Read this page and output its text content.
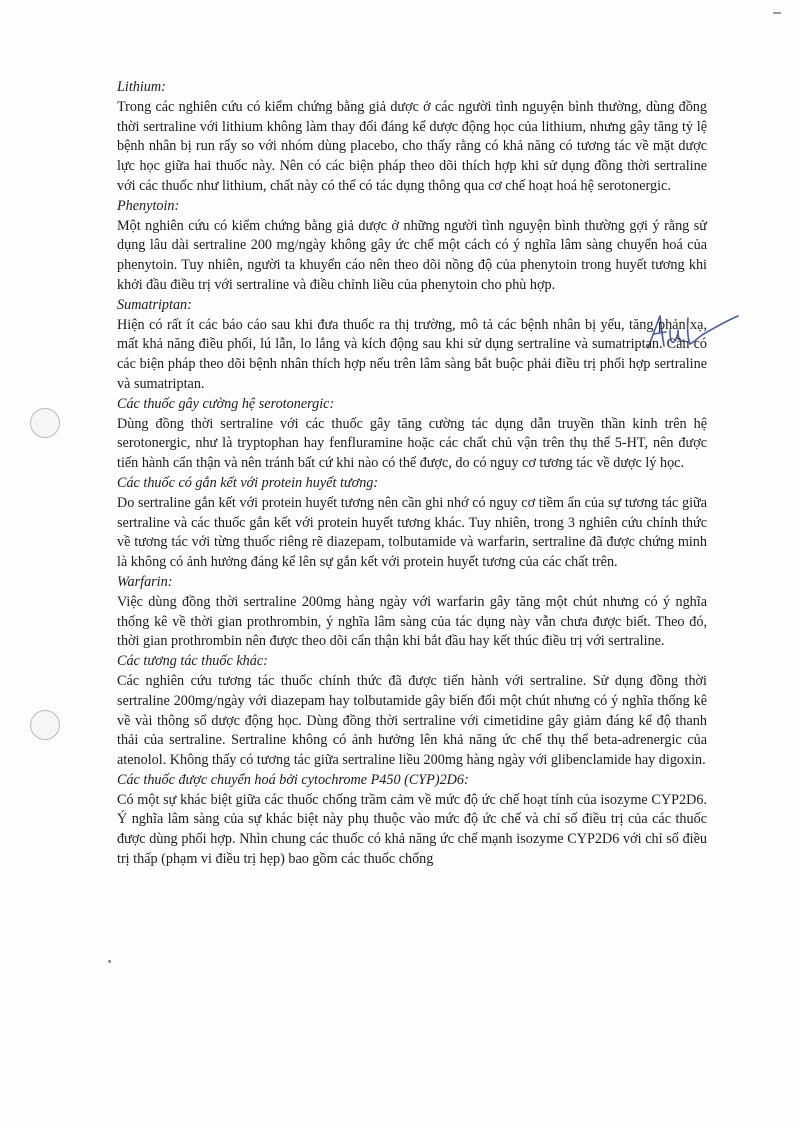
Lithium:

Trong các nghiên cứu có kiểm chứng bằng giả dược ở các người tình nguyện bình thường, dùng đồng thời sertraline với lithium không làm thay đổi đáng kể dược động học của lithium, nhưng gây tăng tỷ lệ bệnh nhân bị run rẩy so với nhóm dùng placebo, cho thấy rằng có khả năng có tương tác về mặt dược lực học giữa hai thuốc này. Nên có các biện pháp theo dõi thích hợp khi sử dụng đồng thời sertraline với các thuốc như lithium, chất này có thể có tác dụng thông qua cơ chế hoạt hoá hệ serotonergic.

Phenytoin:

Một nghiên cứu có kiểm chứng bằng giả dược ở những người tình nguyện bình thường gợi ý rằng sử dụng lâu dài sertraline 200 mg/ngày không gây ức chế một cách có ý nghĩa lâm sàng chuyển hoá của phenytoin. Tuy nhiên, người ta khuyến cáo nên theo dõi nồng độ của phenytoin trong huyết tương khi khởi đầu điều trị với sertraline và điều chỉnh liều của phenytoin cho phù hợp.

Sumatriptan:

Hiện có rất ít các báo cáo sau khi đưa thuốc ra thị trường, mô tả các bệnh nhân bị yếu, tăng phản xạ, mất khả năng điều phối, lú lẫn, lo lắng và kích động sau khi sử dụng sertraline và sumatriptan. Cần có các biện pháp theo dõi bệnh nhân thích hợp nếu trên lâm sàng bắt buộc phải điều trị phối hợp sertraline và sumatriptan.

Các thuốc gây cường hệ serotonergic:

Dùng đồng thời sertraline với các thuốc gây tăng cường tác dụng dẫn truyền thần kinh trên hệ serotonergic, như là tryptophan hay fenfluramine hoặc các chất chủ vận trên thụ thể 5-HT, nên được tiến hành cẩn thận và nên tránh bất cứ khi nào có thể được, do có nguy cơ tương tác về dược lý học.

Các thuốc có gắn kết với protein huyết tương:

Do sertraline gắn kết với protein huyết tương nên cần ghi nhớ có nguy cơ tiềm ẩn của sự tương tác giữa sertraline và các thuốc gắn kết với protein huyết tương khác. Tuy nhiên, trong 3 nghiên cứu chính thức về tương tác với từng thuốc riêng rẽ diazepam, tolbutamide và warfarin, sertraline đã được chứng minh là không có ảnh hưởng đáng kể lên sự gắn kết với protein huyết tương của các chất trên.

Warfarin:

Việc dùng đồng thời sertraline 200mg hàng ngày với warfarin gây tăng một chút nhưng có ý nghĩa thống kê về thời gian prothrombin, ý nghĩa lâm sàng của tác dụng này vẫn chưa được biết. Theo đó, thời gian prothrombin nên được theo dõi cẩn thận khi bắt đầu hay kết thúc điều trị với sertraline.

Các tương tác thuốc khác:

Các nghiên cứu tương tác thuốc chính thức đã được tiến hành với sertraline. Sử dụng đồng thời sertraline 200mg/ngày với diazepam hay tolbutamide gây biến đổi một chút nhưng có ý nghĩa thống kê về vài thông số dược động học. Dùng đồng thời sertraline với cimetidine gây giảm đáng kể độ thanh thải của sertraline. Sertraline không có ảnh hưởng lên khả năng ức chế thụ thể beta-adrenergic của atenolol. Không thấy có tương tác giữa sertraline liều 200mg hàng ngày với glibenclamide hay digoxin.

Các thuốc được chuyển hoá bởi cytochrome P450 (CYP)2D6:

Có một sự khác biệt giữa các thuốc chống trầm cảm về mức độ ức chế hoạt tính của isozyme CYP2D6. Ý nghĩa lâm sàng của sự khác biệt này phụ thuộc vào mức độ ức chế và chỉ số điều trị của các thuốc được dùng phối hợp. Nhìn chung các thuốc có khả năng ức chế mạnh isozyme CYP2D6 với chỉ số điều trị thấp (phạm vi điều trị hẹp) bao gồm các thuốc chống
